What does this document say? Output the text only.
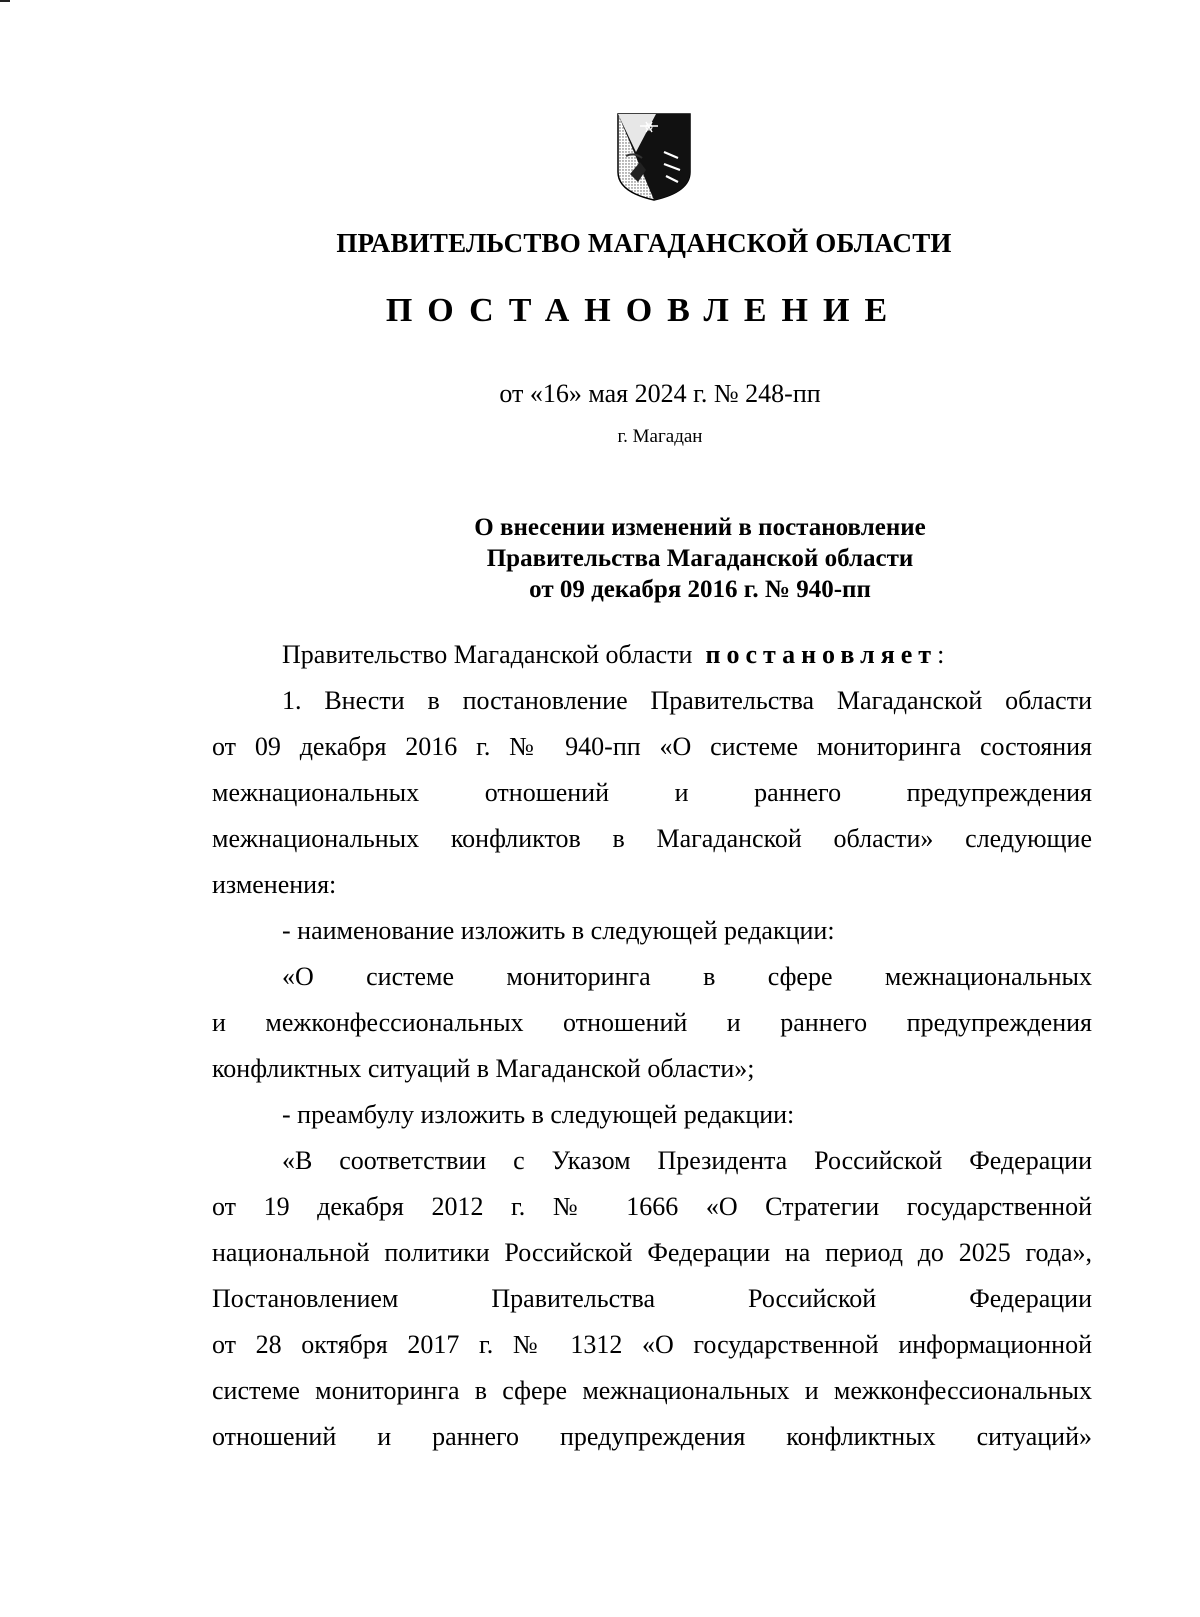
ПРАВИТЕЛЬСТВО МАГАДАНСКОЙ ОБЛАСТИ
ПОСТАНОВЛЕНИЕ
от «16» мая 2024 г. № 248-пп
г. Магадан
О внесении изменений в постановление
Правительства Магаданской области
от 09 декабря 2016 г. № 940-пп
Правительство Магаданской области постановляет:
1. Внести в постановление Правительства Магаданской области
от 09 декабря 2016 г. № 940-пп «О системе мониторинга состояния
межнациональных отношений и раннего предупреждения
межнациональных конфликтов в Магаданской области» следующие
изменения:
- наименование изложить в следующей редакции:
«О системе мониторинга в сфере межнациональных
и межконфессиональных отношений и раннего предупреждения
конфликтных ситуаций в Магаданской области»;
- преамбулу изложить в следующей редакции:
«В соответствии с Указом Президента Российской Федерации
от 19 декабря 2012 г. № 1666 «О Стратегии государственной
национальной политики Российской Федерации на период до 2025 года»,
Постановлением Правительства Российской Федерации
от 28 октября 2017 г. № 1312 «О государственной информационной
системе мониторинга в сфере межнациональных и межконфессиональных
отношений и раннего предупреждения конфликтных ситуаций»
